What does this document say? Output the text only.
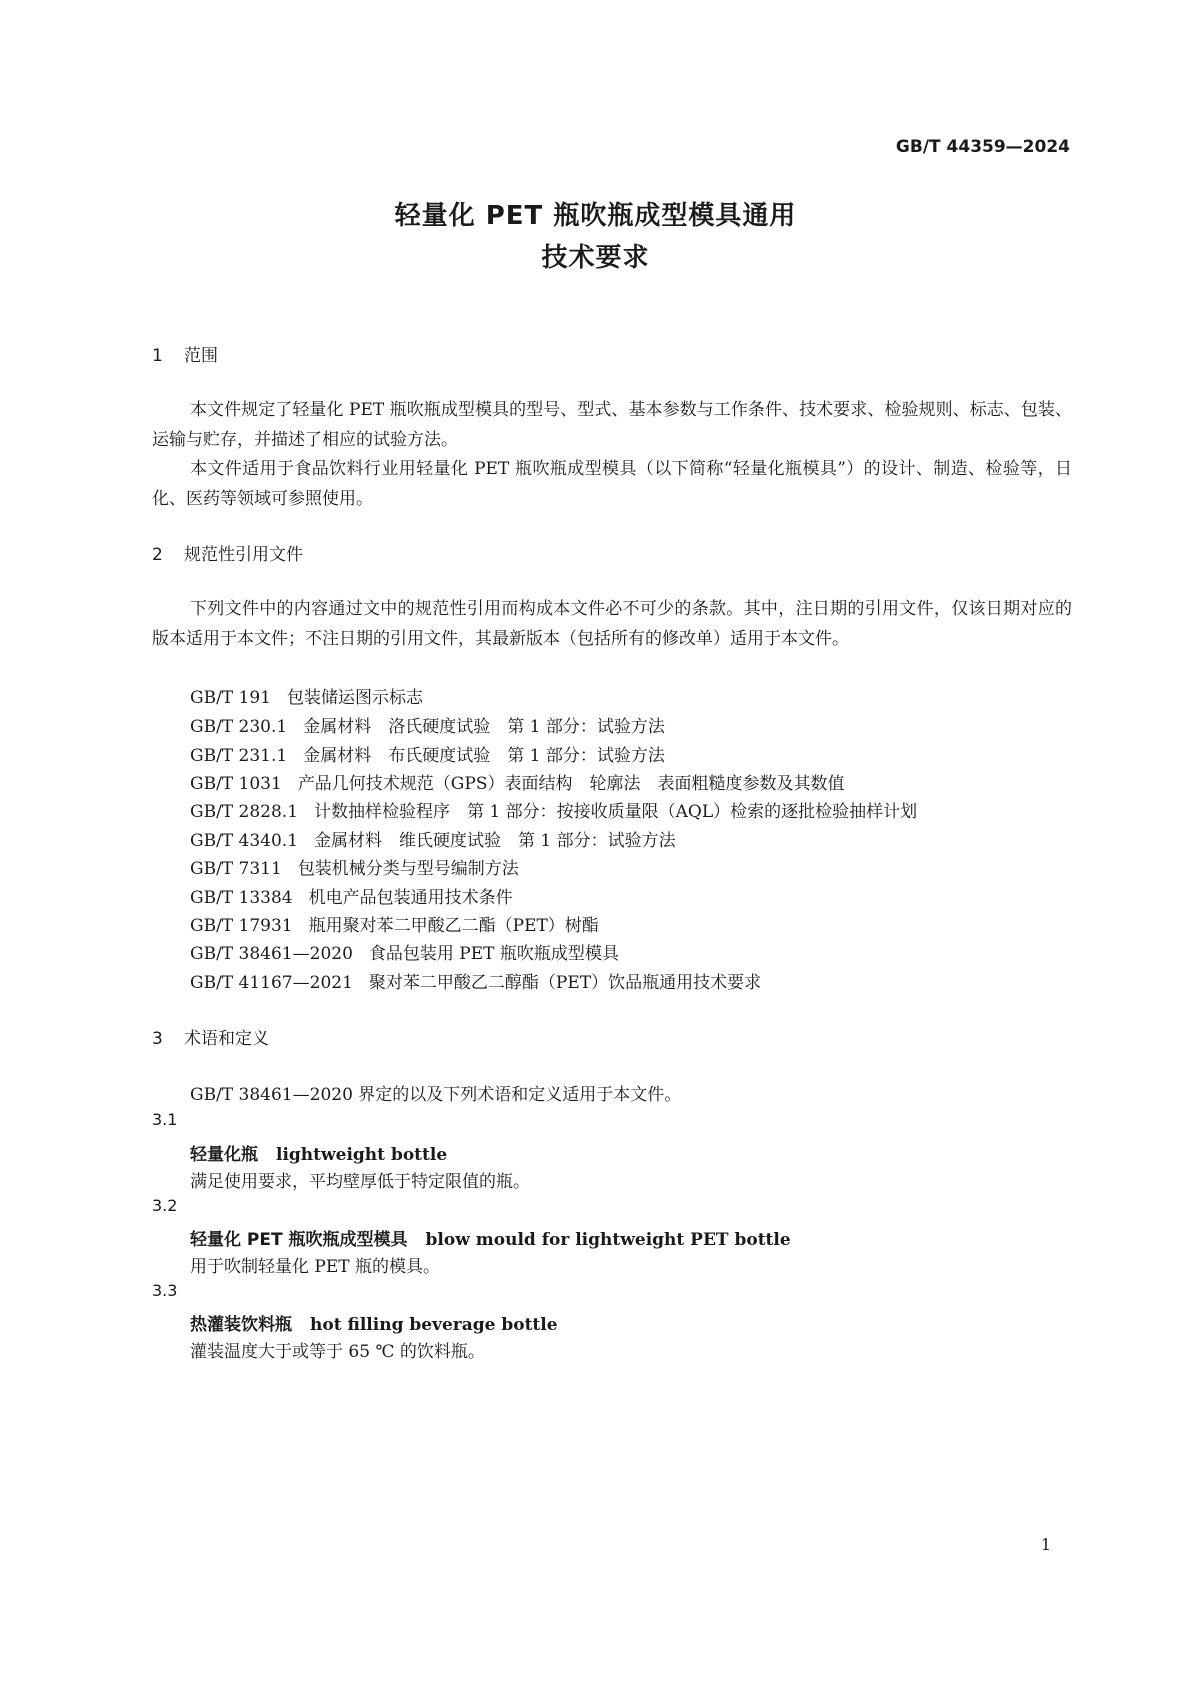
GB/T 44359—2024
轻量化 PET 瓶吹瓶成型模具通用
技术要求
1 范围
本文件规定了轻量化 PET 瓶吹瓶成型模具的型号、型式、基本参数与工作条件、技术要求、检验规则、标志、包装、运输与贮存，并描述了相应的试验方法。
本文件适用于食品饮料行业用轻量化 PET 瓶吹瓶成型模具（以下简称“轻量化瓶模具”）的设计、制造、检验等，日化、医药等领域可参照使用。
2 规范性引用文件
下列文件中的内容通过文中的规范性引用而构成本文件必不可少的条款。其中，注日期的引用文件，仅该日期对应的版本适用于本文件；不注日期的引用文件，其最新版本（包括所有的修改单）适用于本文件。
GB/T 191 包装储运图示标志
GB/T 230.1 金属材料　洛氏硬度试验　第 1 部分：试验方法
GB/T 231.1 金属材料　布氏硬度试验　第 1 部分：试验方法
GB/T 1031 产品几何技术规范（GPS）表面结构　轮廓法　表面粗糙度参数及其数值
GB/T 2828.1 计数抽样检验程序　第 1 部分：按接收质量限（AQL）检索的逐批检验抽样计划
GB/T 4340.1 金属材料　维氏硬度试验　第 1 部分：试验方法
GB/T 7311 包装机械分类与型号编制方法
GB/T 13384 机电产品包装通用技术条件
GB/T 17931 瓶用聚对苯二甲酸乙二酯（PET）树酯
GB/T 38461—2020 食品包装用 PET 瓶吹瓶成型模具
GB/T 41167—2021 聚对苯二甲酸乙二醇酯（PET）饮品瓶通用技术要求
3 术语和定义
GB/T 38461—2020 界定的以及下列术语和定义适用于本文件。
3.1
轻量化瓶 lightweight bottle
满足使用要求，平均壁厚低于特定限值的瓶。
3.2
轻量化 PET 瓶吹瓶成型模具 blow mould for lightweight PET bottle
用于吹制轻量化 PET 瓶的模具。
3.3
热灌装饮料瓶 hot filling beverage bottle
灌装温度大于或等于 65 ℃ 的饮料瓶。
1
